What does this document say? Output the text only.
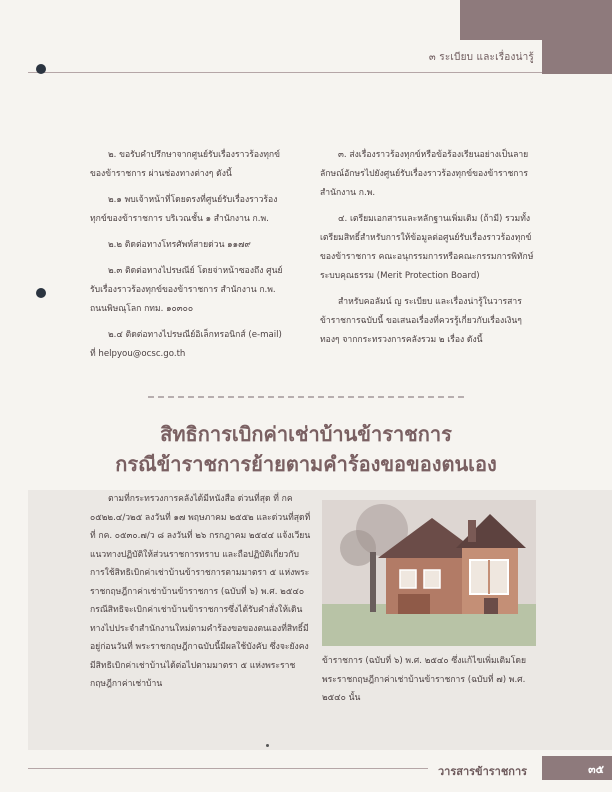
๓ ระเบียบ และเรื่องน่ารู้

๒. ขอรับคำปรึกษาจากศูนย์รับเรื่องราวร้องทุกข์ของข้าราชการ ผ่านช่องทางต่างๆ ดังนี้

๒.๑ พบเจ้าหน้าที่โดยตรงที่ศูนย์รับเรื่องราวร้องทุกข์ของข้าราชการ บริเวณชั้น ๑ สำนักงาน ก.พ.

๒.๒ ติดต่อทางโทรศัพท์สายด่วน ๑๑๗๙

๒.๓ ติดต่อทางไปรษณีย์ โดยจ่าหน้าซองถึง ศูนย์รับเรื่องราวร้องทุกข์ของข้าราชการ สำนักงาน ก.พ. ถนนพิษณุโลก กทม. ๑๐๓๐๐

๒.๔ ติดต่อทางไปรษณีย์อิเล็กทรอนิกส์ (e-mail) ที่ helpyou@ocsc.go.th

๓. ส่งเรื่องราวร้องทุกข์หรือข้อร้องเรียนอย่างเป็นลายลักษณ์อักษรไปยังศูนย์รับเรื่องราวร้องทุกข์ของข้าราชการ สำนักงาน ก.พ.

๔. เตรียมเอกสารและหลักฐานเพิ่มเติม (ถ้ามี) รวมทั้งเตรียมสิทธิ์สำหรับการให้ข้อมูลต่อศูนย์รับเรื่องราวร้องทุกข์ของข้าราชการ คณะอนุกรรมการหรือคณะกรรมการพิทักษ์ระบบคุณธรรม (Merit Protection Board)

สำหรับคอลัมน์ ญ ระเบียบ และเรื่องน่ารู้ในวารสารข้าราชการฉบับนี้ ขอเสนอเรื่องที่ควรรู้เกี่ยวกับเรื่องเงินๆ ทองๆ จากกระทรวงการคลังรวม ๒ เรื่อง ดังนี้

สิทธิการเบิกค่าเช่าบ้านข้าราชการ
กรณีข้าราชการย้ายตามคำร้องขอของตนเอง

ตามที่กระทรวงการคลังได้มีหนังสือ ด่วนที่สุด ที่ กค ๐๕๒๒.๔/ว๒๕ ลงวันที่ ๑๗ พฤษภาคม ๒๕๕๒ และด่วนที่สุดที่ ที่ กค. ๐๕๓๐.๗/ว ๘ ลงวันที่ ๒๖ กรกฎาคม ๒๕๔๔ แจ้งเวียนแนวทางปฏิบัติให้ส่วนราชการทราบ และถือปฏิบัติเกี่ยวกับการใช้สิทธิเบิกค่าเช่าบ้านข้าราชการตามมาตรา ๕ แห่งพระราชกฤษฎีกาค่าเช่าบ้านข้าราชการ (ฉบับที่ ๖) พ.ศ. ๒๕๔๐ กรณีสิทธิจะเบิกค่าเช่าบ้านข้าราชการซึ่งได้รับคำสั่งให้เดินทางไปประจำสำนักงานใหม่ตามคำร้องขอของตนเองที่สิทธิ์มีอยู่ก่อนวันที่ พระราชกฤษฎีกาฉบับนี้มีผลใช้บังคับ ซึ่งจะยังคงมีสิทธิเบิกค่าเช่าบ้านได้ต่อไปตามมาตรา ๕ แห่งพระราชกฤษฎีกาค่าเช่าบ้าน

ข้าราชการ (ฉบับที่ ๖) พ.ศ. ๒๕๔๐ ซึ่งแก้ไขเพิ่มเติมโดยพระราชกฤษฎีกาค่าเช่าบ้านข้าราชการ (ฉบับที่ ๗) พ.ศ. ๒๕๔๐ นั้น

วารสารข้าราชการ	๓๕
